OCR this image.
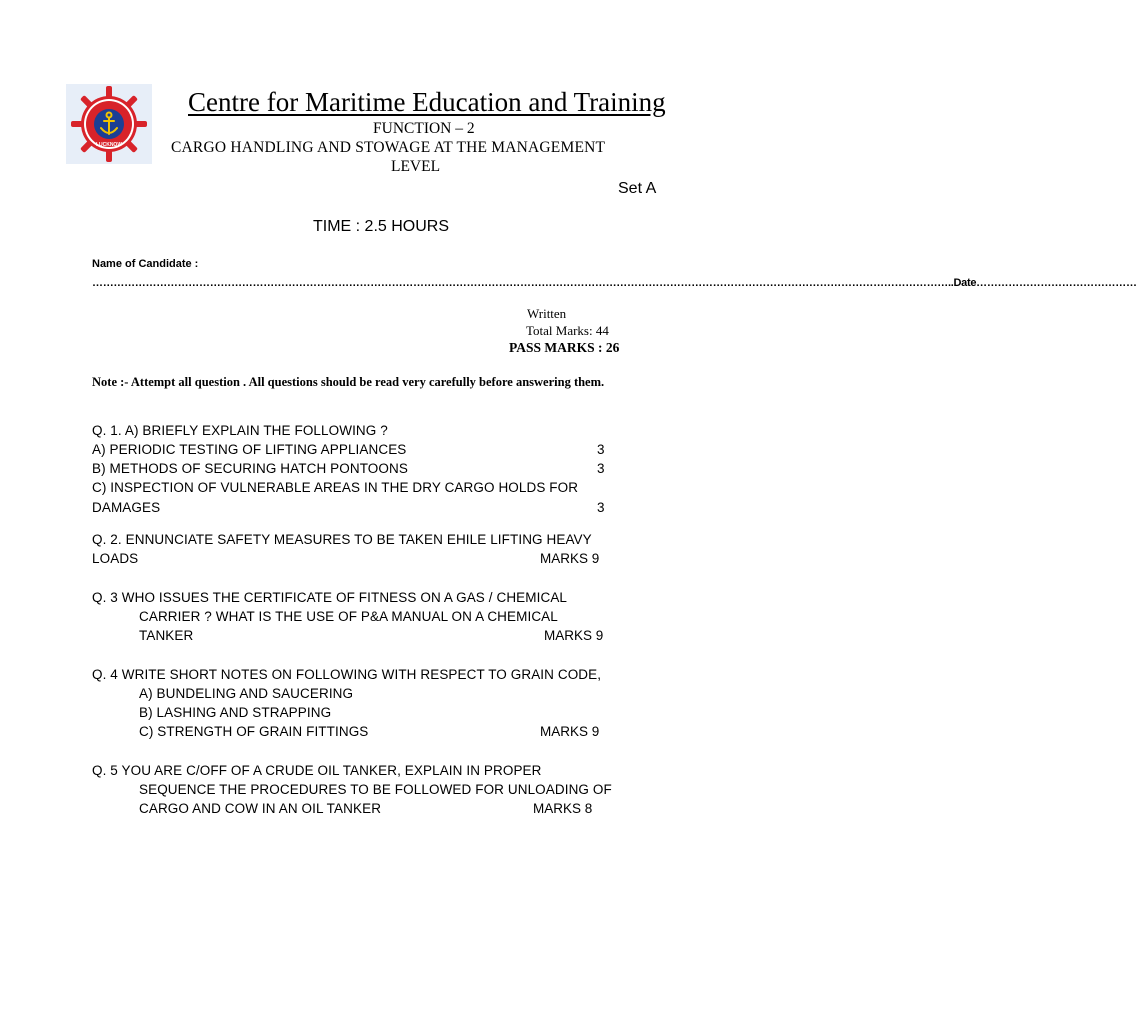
LUCKNOW
Centre for Maritime Education and Training
FUNCTION – 2
CARGO HANDLING AND STOWAGE AT THE MANAGEMENT
LEVEL
Set A
TIME : 2.5 HOURS
Name of Candidate :
……………………………………………………………………………………………………………………………………………………………………………………………………………………..Date………………………………………
Written
Total Marks: 44
PASS MARKS : 26
Note :- Attempt all question . All questions should be read very carefully before answering them.
Q. 1. A) BRIEFLY EXPLAIN THE FOLLOWING ?
A) PERIODIC TESTING OF LIFTING APPLIANCES	3
B) METHODS OF SECURING HATCH PONTOONS	3
C) INSPECTION OF VULNERABLE AREAS IN THE DRY CARGO HOLDS FOR
DAMAGES	3
Q. 2. ENNUNCIATE SAFETY MEASURES TO BE TAKEN EHILE LIFTING HEAVY
LOADS	MARKS 9
Q. 3 WHO ISSUES THE CERTIFICATE OF FITNESS ON A GAS / CHEMICAL
CARRIER ? WHAT IS THE USE OF P&A MANUAL ON A CHEMICAL
TANKER	MARKS 9
Q. 4 WRITE SHORT NOTES ON FOLLOWING WITH RESPECT TO GRAIN CODE,
A) BUNDELING AND SAUCERING
B) LASHING AND STRAPPING
C) STRENGTH OF GRAIN FITTINGS	MARKS 9
Q. 5 YOU ARE C/OFF OF A CRUDE OIL TANKER, EXPLAIN IN PROPER
SEQUENCE THE PROCEDURES TO BE FOLLOWED FOR UNLOADING OF
CARGO AND COW IN AN OIL TANKER	MARKS 8
